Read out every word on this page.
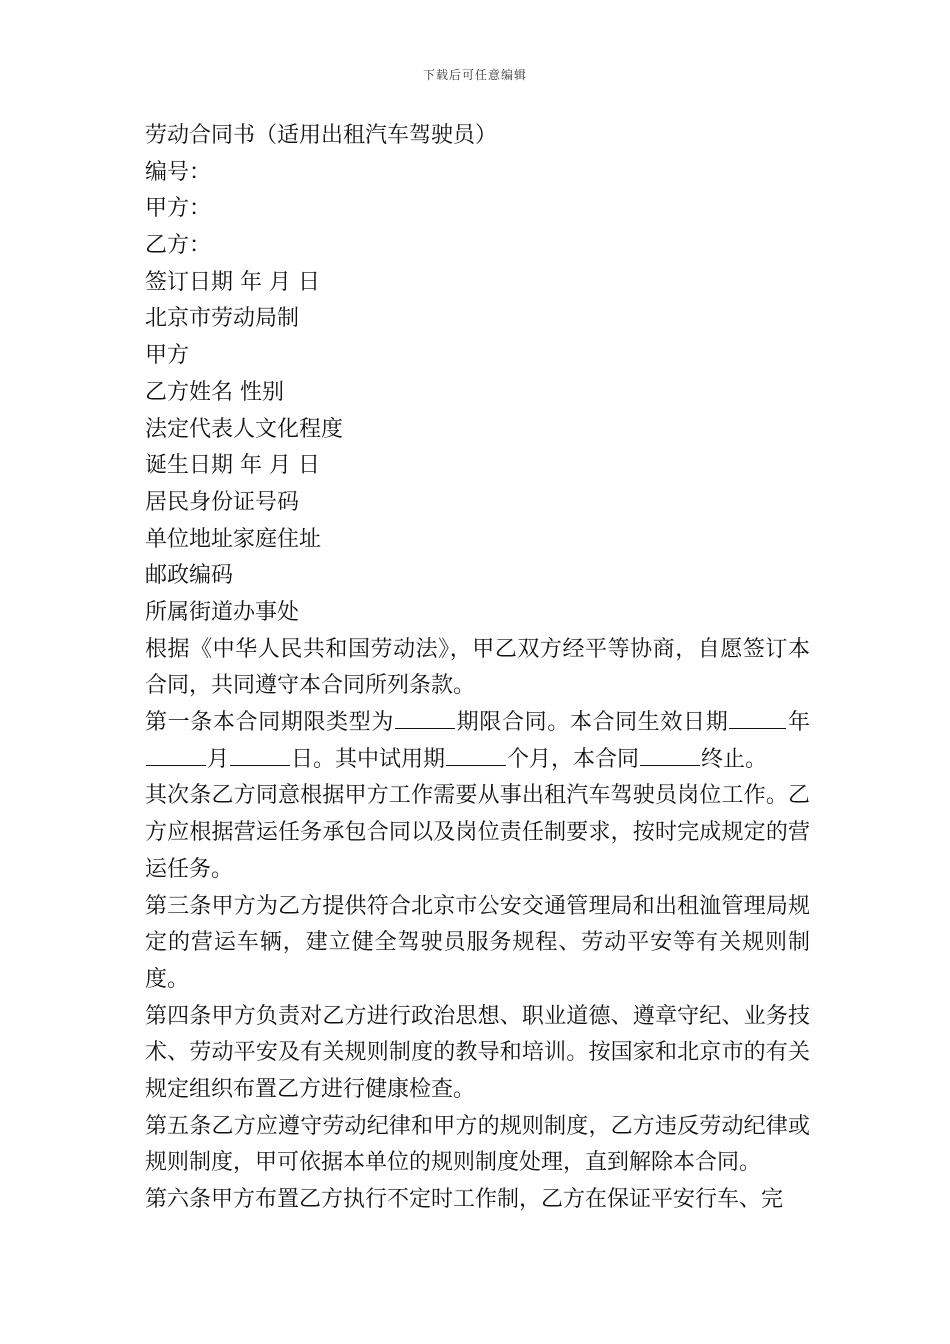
下载后可任意编辑
劳动合同书（适用出租汽车驾驶员）
编号：
甲方：
乙方：
签订日期 年 月 日
北京市劳动局制
甲方
乙方姓名 性别
法定代表人文化程度
诞生日期 年 月 日
居民身份证号码
单位地址家庭住址
邮政编码
所属街道办事处
根据《中华人民共和国劳动法》，甲乙双方经平等协商，自愿签订本合同，共同遵守本合同所列条款。
第一条本合同期限类型为	期限合同。本合同生效日期	年月	日。其中试用期	个月，本合同	终止。
其次条乙方同意根据甲方工作需要从事出租汽车驾驶员岗位工作。乙方应根据营运任务承包合同以及岗位责任制要求，按时完成规定的营运任务。
第三条甲方为乙方提供符合北京市公安交通管理局和出租洫管理局规定的营运车辆，建立健全驾驶员服务规程、劳动平安等有关规则制度。
第四条甲方负责对乙方进行政治思想、职业道德、遵章守纪、业务技术、劳动平安及有关规则制度的教导和培训。按国家和北京市的有关规定组织布置乙方进行健康检查。
第五条乙方应遵守劳动纪律和甲方的规则制度，乙方违反劳动纪律或规则制度，甲可依据本单位的规则制度处理，直到解除本合同。
第六条甲方布置乙方执行不定时工作制，乙方在保证平安行车、完
